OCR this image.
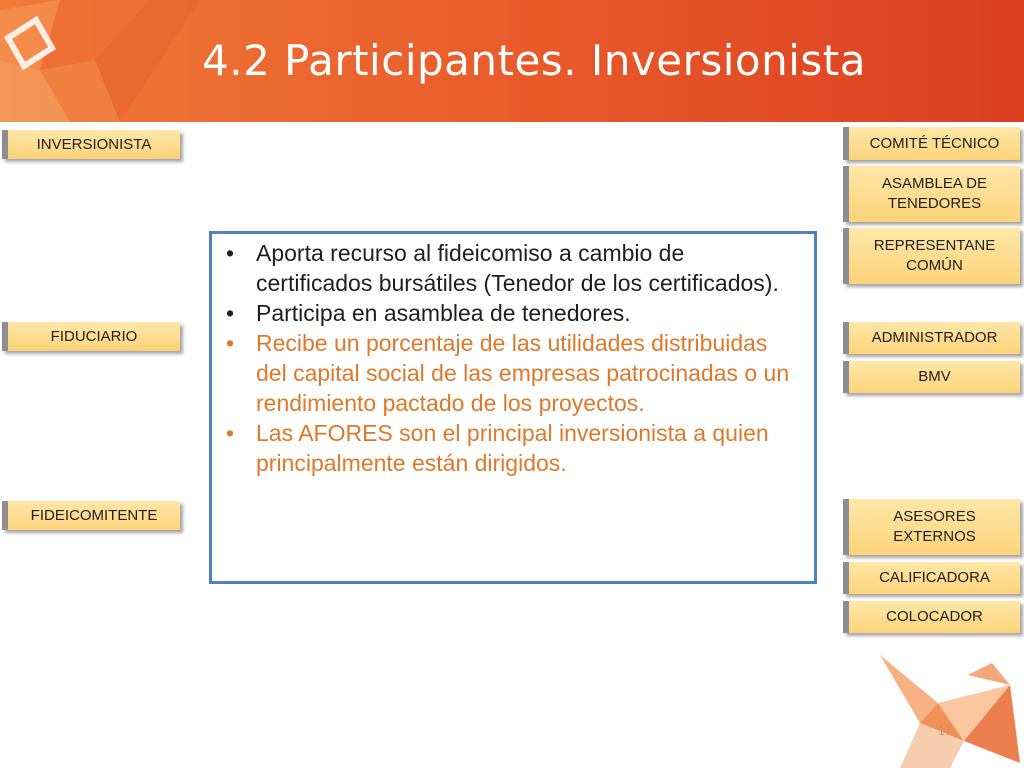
4.2 Participantes. Inversionista
INVERSIONISTA
FIDUCIARIO
FIDEICOMITENTE
COMITÉ TÉCNICO
ASAMBLEA DE
TENEDORES
REPRESENTANE
COMÚN
ADMINISTRADOR
BMV
ASESORES
EXTERNOS
CALIFICADORA
COLOCADOR
• Aporta recurso al fideicomiso a cambio de certificados bursátiles (Tenedor de los certificados).
• Participa en asamblea de tenedores.
• Recibe un porcentaje de las utilidades distribuidas del capital social de las empresas patrocinadas o un rendimiento pactado de los proyectos.
• Las AFORES son el principal inversionista a quien principalmente están dirigidos.
17
